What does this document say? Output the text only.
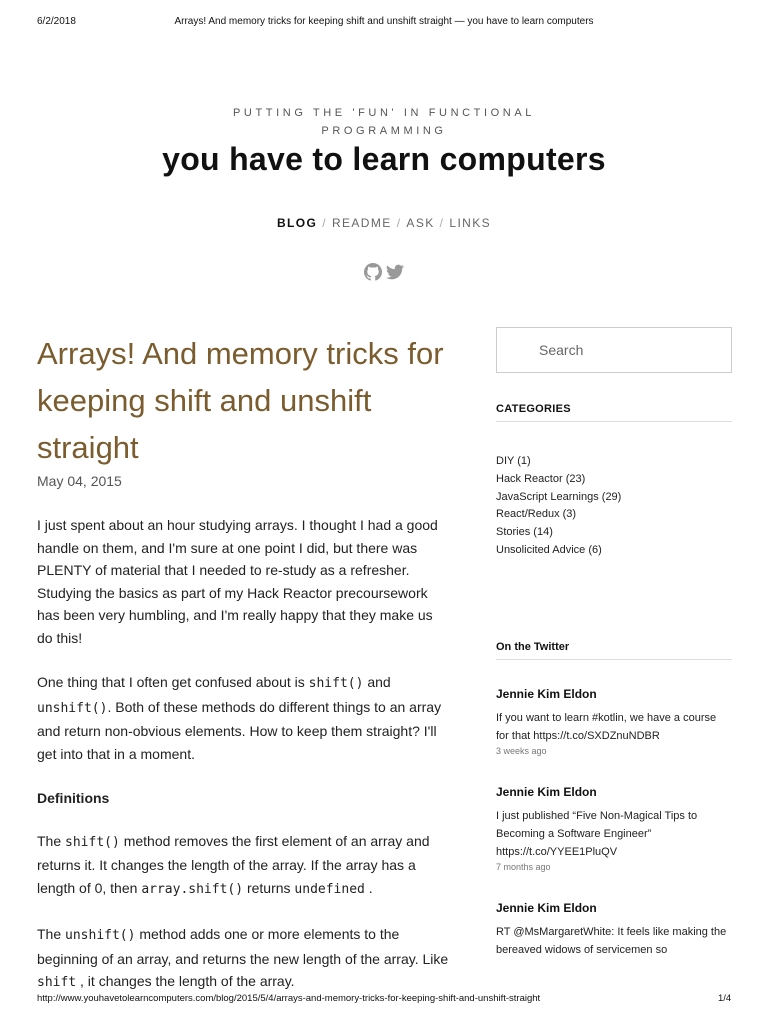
6/2/2018	Arrays! And memory tricks for keeping shift and unshift straight — you have to learn computers
PUTTING THE 'FUN' IN FUNCTIONAL PROGRAMMING
you have to learn computers
BLOG / README / ASK / LINKS
Arrays! And memory tricks for keeping shift and unshift straight
May 04, 2015

I just spent about an hour studying arrays. I thought I had a good handle on them, and I'm sure at one point I did, but there was PLENTY of material that I needed to re-study as a refresher. Studying the basics as part of my Hack Reactor precoursework has been very humbling, and I'm really happy that they make us do this!

One thing that I often get confused about is shift() and unshift(). Both of these methods do different things to an array and return non-obvious elements. How to keep them straight? I'll get into that in a moment.

Definitions

The shift() method removes the first element of an array and returns it. It changes the length of the array. If the array has a length of 0, then array.shift() returns undefined .

The unshift() method adds one or more elements to the beginning of an array, and returns the new length of the array. Like shift , it changes the length of the array.

Search
CATEGORIES
DIY (1)
Hack Reactor (23)
JavaScript Learnings (29)
React/Redux (3)
Stories (14)
Unsolicited Advice (6)
On the Twitter
Jennie Kim Eldon
If you want to learn #kotlin, we have a course for that https://t.co/SXDZnuNDBR
3 weeks ago
Jennie Kim Eldon
I just published “Five Non-Magical Tips to Becoming a Software Engineer” https://t.co/YYEE1PluQV
7 months ago
Jennie Kim Eldon
RT @MsMargaretWhite: It feels like making the bereaved widows of servicemen so
http://www.youhavetolearncomputers.com/blog/2015/5/4/arrays-and-memory-tricks-for-keeping-shift-and-unshift-straight	1/4
